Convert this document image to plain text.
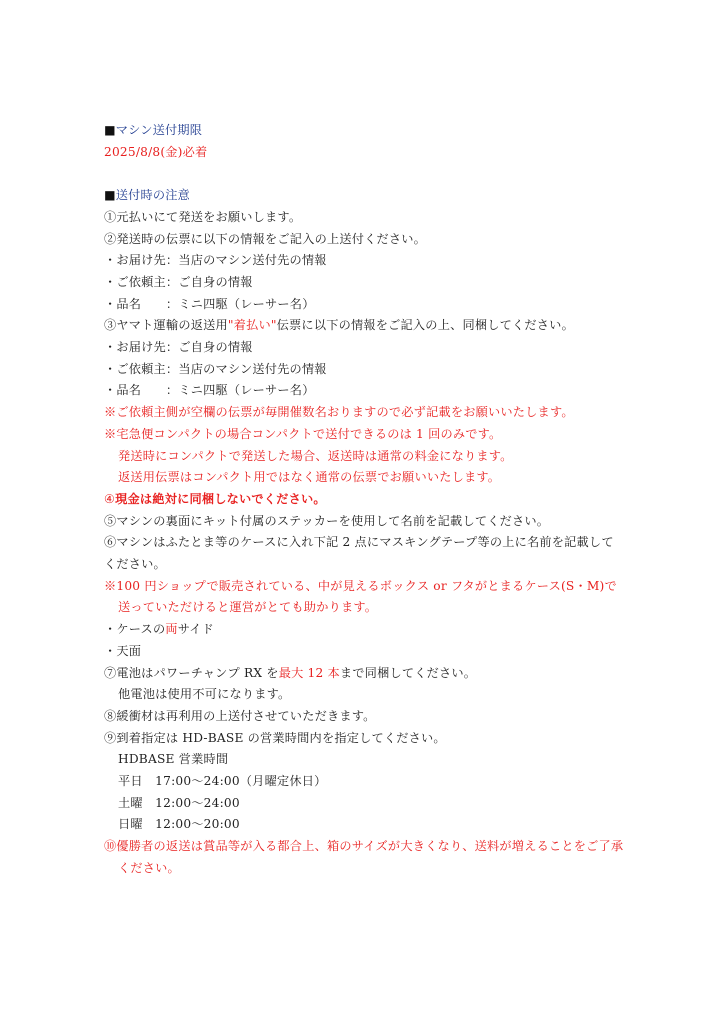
■マシン送付期限
2025/8/8(金)必着
■送付時の注意
①元払いにて発送をお願いします。
②発送時の伝票に以下の情報をご記入の上送付ください。
・お届け先：当店のマシン送付先の情報
・ご依頼主：ご自身の情報
・品名　　：ミニ四駆（レーサー名）
③ヤマト運輸の返送用"着払い"伝票に以下の情報をご記入の上、同梱してください。
・お届け先：ご自身の情報
・ご依頼主：当店のマシン送付先の情報
・品名　　：ミニ四駆（レーサー名）
※ご依頼主側が空欄の伝票が毎開催数名おりますので必ず記載をお願いいたします。
※宅急便コンパクトの場合コンパクトで送付できるのは 1 回のみです。
発送時にコンパクトで発送した場合、返送時は通常の料金になります。
返送用伝票はコンパクト用ではなく通常の伝票でお願いいたします。
④現金は絶対に同梱しないでください。
⑤マシンの裏面にキット付属のステッカーを使用して名前を記載してください。
⑥マシンはふたとま等のケースに入れ下記 2 点にマスキングテープ等の上に名前を記載してください。
※100 円ショップで販売されている、中が見えるボックス or フタがとまるケース(S・M)で送っていただけると運営がとても助かります。
・ケースの両サイド
・天面
⑦電池はパワーチャンプ RX を最大 12 本まで同梱してください。
他電池は使用不可になります。
⑧緩衝材は再利用の上送付させていただきます。
⑨到着指定は HD-BASE の営業時間内を指定してください。
HDBASE 営業時間
平日　17:00～24:00（月曜定休日）
土曜　12:00～24:00
日曜　12:00～20:00
⑩優勝者の返送は賞品等が入る都合上、箱のサイズが大きくなり、送料が増えることをご了承ください。
